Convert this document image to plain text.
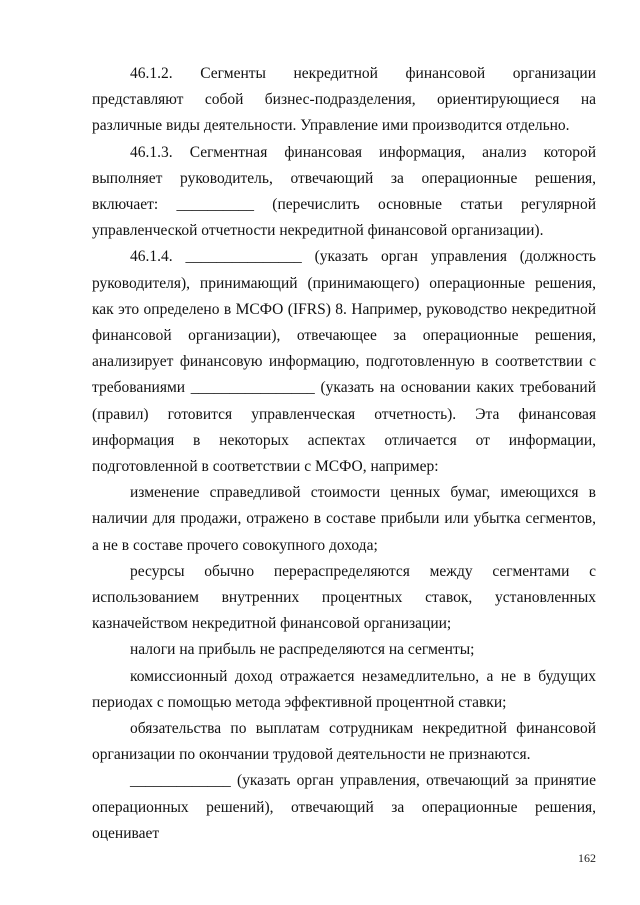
46.1.2. Сегменты некредитной финансовой организации представляют собой бизнес-подразделения, ориентирующиеся на различные виды деятельности. Управление ими производится отдельно.

46.1.3. Сегментная финансовая информация, анализ которой выполняет руководитель, отвечающий за операционные решения, включает: __________ (перечислить основные статьи регулярной управленческой отчетности некредитной финансовой организации).

46.1.4. _______________ (указать орган управления (должность руководителя), принимающий (принимающего) операционные решения, как это определено в МСФО (IFRS) 8. Например, руководство некредитной финансовой организации), отвечающее за операционные решения, анализирует финансовую информацию, подготовленную в соответствии с требованиями ________________ (указать на основании каких требований (правил) готовится управленческая отчетность). Эта финансовая информация в некоторых аспектах отличается от информации, подготовленной в соответствии с МСФО, например:

изменение справедливой стоимости ценных бумаг, имеющихся в наличии для продажи, отражено в составе прибыли или убытка сегментов, а не в составе прочего совокупного дохода;

ресурсы обычно перераспределяются между сегментами с использованием внутренних процентных ставок, установленных казначейством некредитной финансовой организации;

налоги на прибыль не распределяются на сегменты;

комиссионный доход отражается незамедлительно, а не в будущих периодах с помощью метода эффективной процентной ставки;

обязательства по выплатам сотрудникам некредитной финансовой организации по окончании трудовой деятельности не признаются.

_____________ (указать орган управления, отвечающий за принятие операционных решений), отвечающий за операционные решения, оценивает

162
